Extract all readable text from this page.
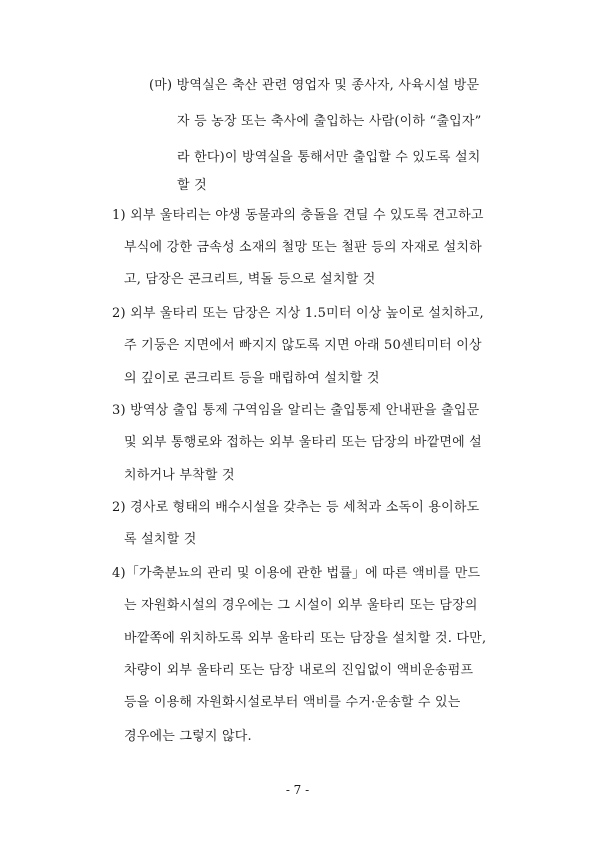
(마) 방역실은 축산 관련 영업자 및 종사자, 사육시설 방문
자 등 농장 또는 축사에 출입하는 사람(이하 “출입자”
라 한다)이 방역실을 통해서만 출입할 수 있도록 설치
할 것
1) 외부 울타리는 야생 동물과의 충돌을 견딜 수 있도록 견고하고
부식에 강한 금속성 소재의 철망 또는 철판 등의 자재로 설치하
고, 담장은 콘크리트, 벽돌 등으로 설치할 것
2) 외부 울타리 또는 담장은 지상 1.5미터 이상 높이로 설치하고,
주 기둥은 지면에서 빠지지 않도록 지면 아래 50센티미터 이상
의 깊이로 콘크리트 등을 매립하여 설치할 것
3) 방역상 출입 통제 구역임을 알리는 출입통제 안내판을 출입문
및 외부 통행로와 접하는 외부 울타리 또는 담장의 바깥면에 설
치하거나 부착할 것
2) 경사로 형태의 배수시설을 갖추는 등 세척과 소독이 용이하도
록 설치할 것
4)「가축분뇨의 관리 및 이용에 관한 법률」에 따른 액비를 만드
는 자원화시설의 경우에는 그 시설이 외부 울타리 또는 담장의
바깥쪽에 위치하도록 외부 울타리 또는 담장을 설치할 것. 다만,
차량이 외부 울타리 또는 담장 내로의 진입없이 액비운송펌프
등을 이용해 자원화시설로부터 액비를 수거·운송할 수 있는
경우에는 그렇지 않다.
- 7 -
